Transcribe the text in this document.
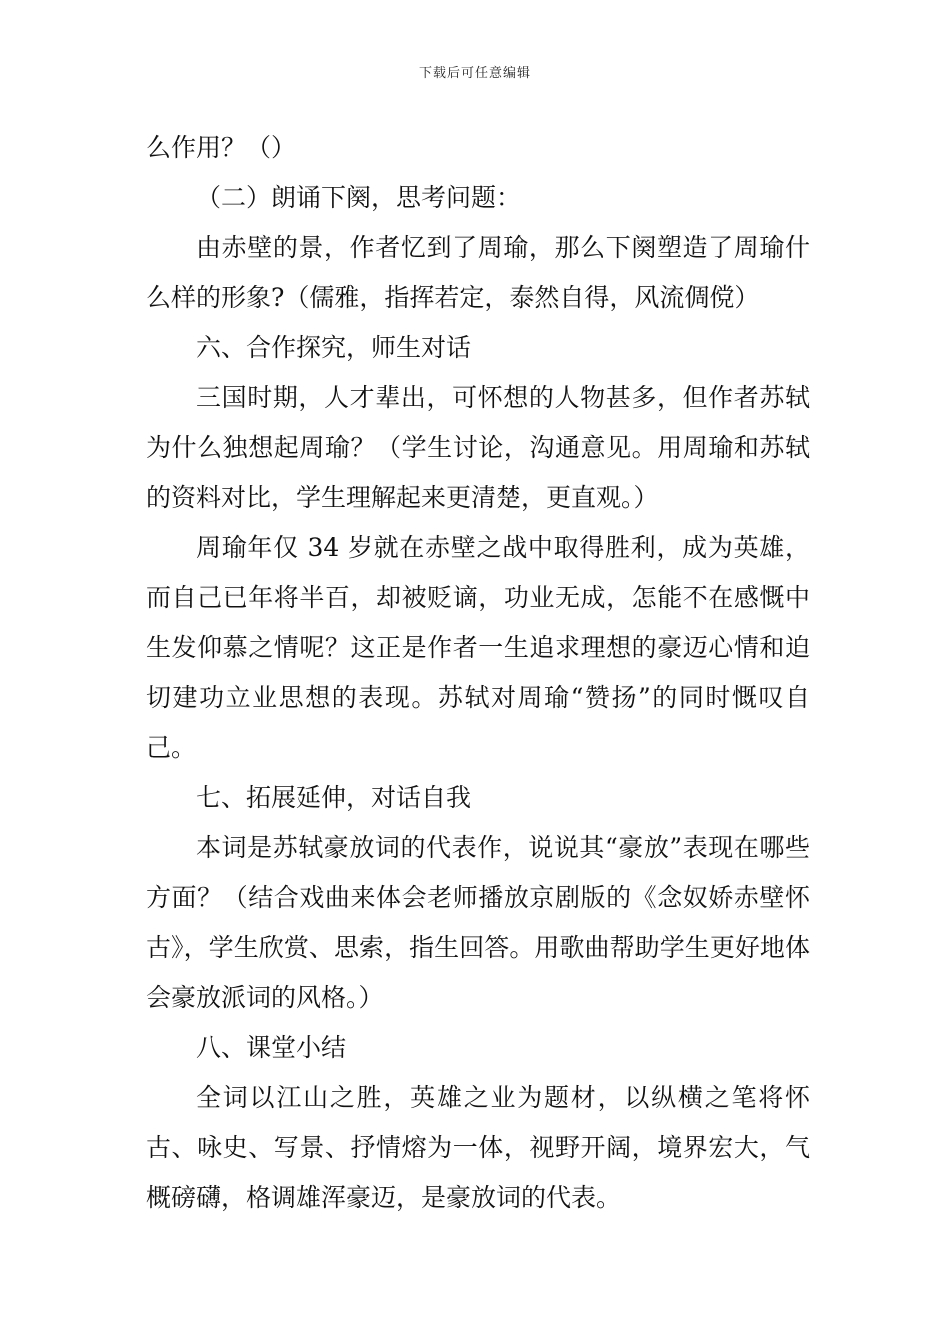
下载后可任意编辑

么作用？（）

（二）朗诵下阕，思考问题：

由赤壁的景，作者忆到了周瑜，那么下阕塑造了周瑜什么样的形象?（儒雅，指挥若定，泰然自得，风流倜傥）

六、合作探究，师生对话

三国时期，人才辈出，可怀想的人物甚多，但作者苏轼为什么独想起周瑜？（学生讨论，沟通意见。用周瑜和苏轼的资料对比，学生理解起来更清楚，更直观。）

周瑜年仅 34 岁就在赤壁之战中取得胜利，成为英雄，而自己已年将半百，却被贬谪，功业无成，怎能不在感慨中生发仰慕之情呢？这正是作者一生追求理想的豪迈心情和迫切建功立业思想的表现。苏轼对周瑜“赞扬”的同时慨叹自己。

七、拓展延伸，对话自我

本词是苏轼豪放词的代表作，说说其“豪放”表现在哪些方面？（结合戏曲来体会老师播放京剧版的《念奴娇赤壁怀古》，学生欣赏、思索，指生回答。用歌曲帮助学生更好地体会豪放派词的风格。）

八、课堂小结

全词以江山之胜，英雄之业为题材，以纵横之笔将怀古、咏史、写景、抒情熔为一体，视野开阔，境界宏大，气概磅礴，格调雄浑豪迈，是豪放词的代表。
